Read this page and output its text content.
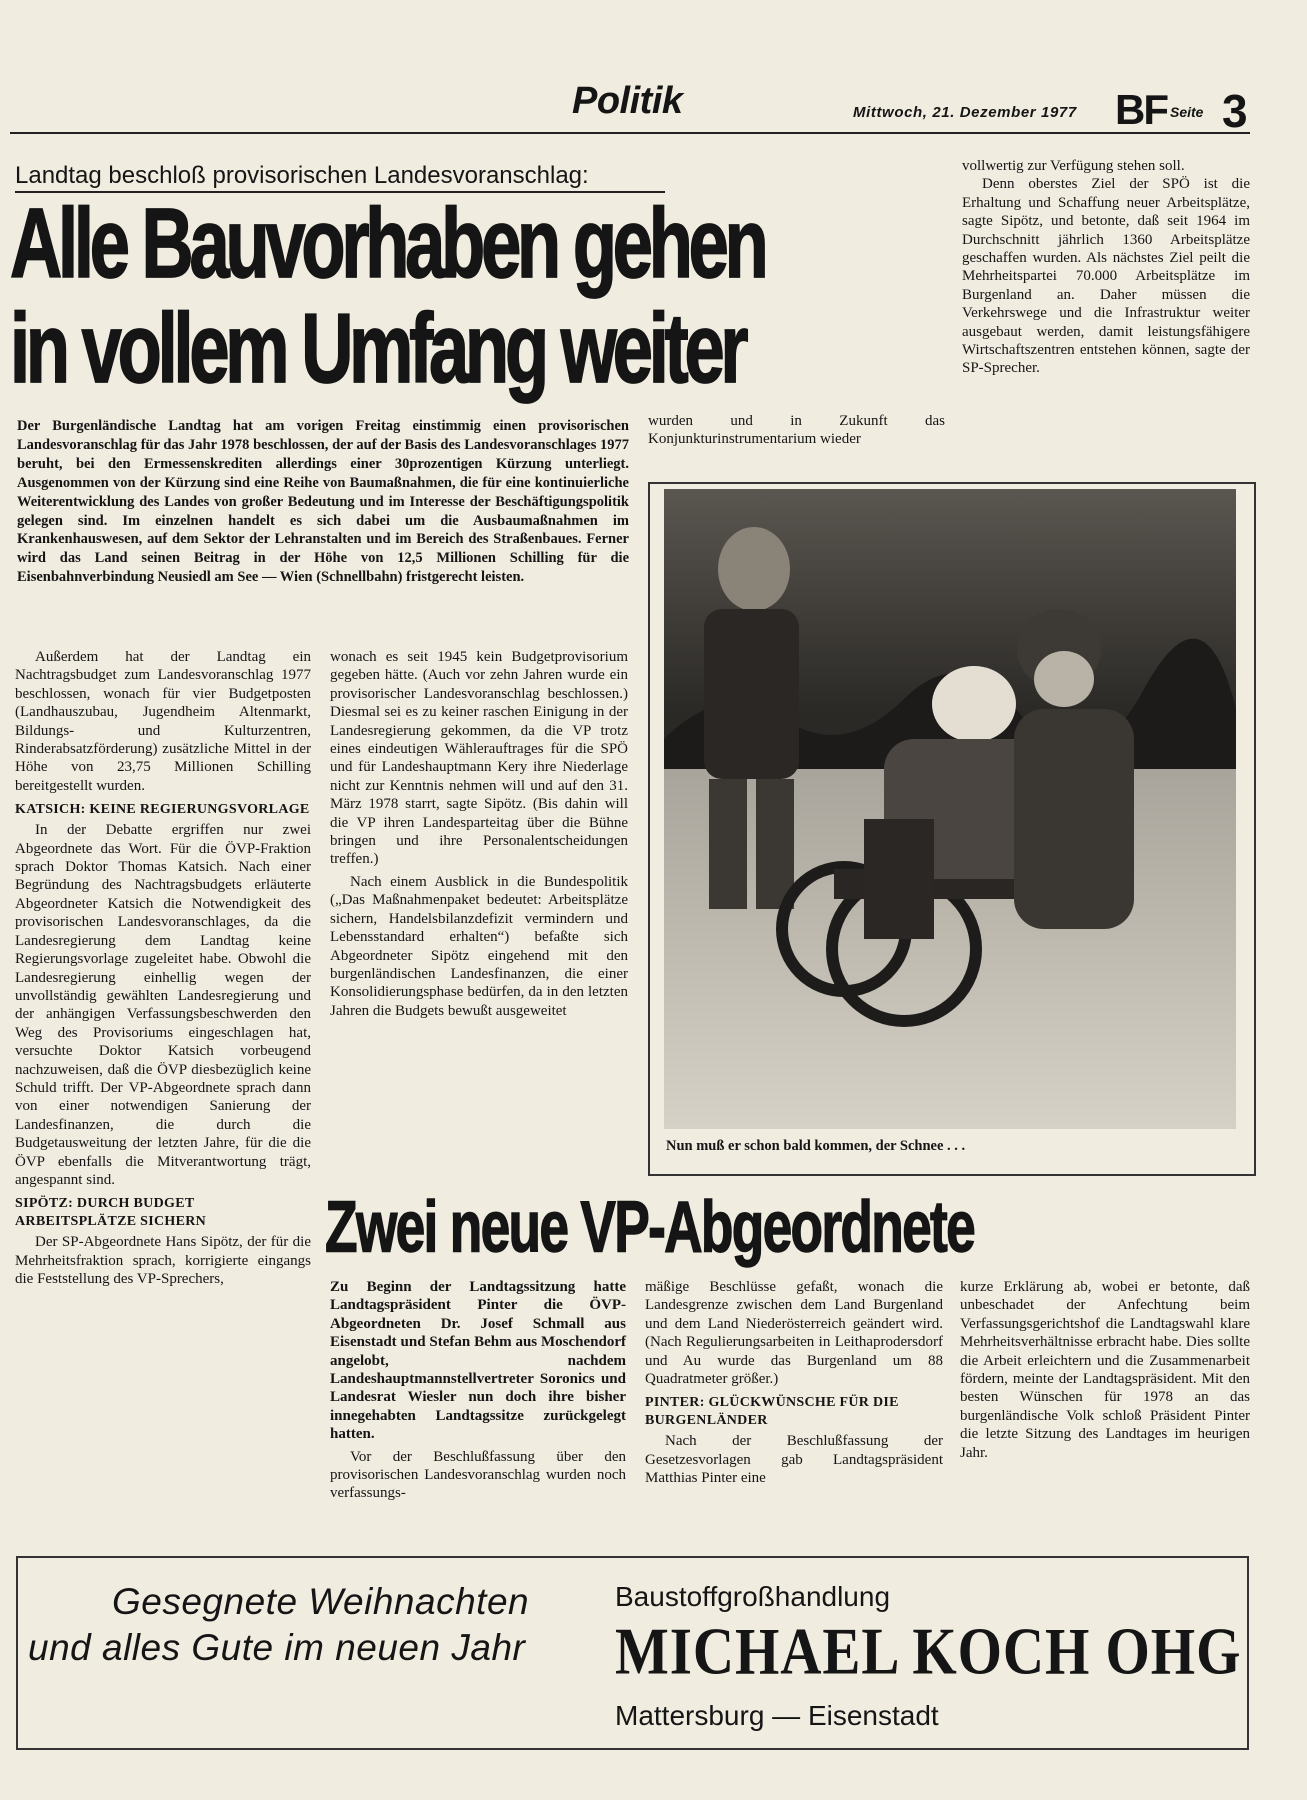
Politik	Mittwoch, 21. Dezember 1977 BF Seite 3
Landtag beschloß provisorischen Landesvoranschlag:
Alle Bauvorhaben gehen
in vollem Umfang weiter

Der Burgenländische Landtag hat am vorigen Freitag einstimmig einen provisorischen Landesvoranschlag für das Jahr 1978 beschlossen, der auf der Basis des Landesvoranschlages 1977 beruht, bei den Ermessenskrediten allerdings einer 30prozentigen Kürzung unterliegt. Ausgenommen von der Kürzung sind eine Reihe von Baumaßnahmen, die für eine kontinuierliche Weiterentwicklung des Landes von großer Bedeutung und im Interesse der Beschäftigungspolitik gelegen sind. Im einzelnen handelt es sich dabei um die Ausbaumaßnahmen im Krankenhauswesen, auf dem Sektor der Lehranstalten und im Bereich des Straßenbaues. Ferner wird das Land seinen Beitrag in der Höhe von 12,5 Millionen Schilling für die Eisenbahnverbindung Neusiedl am See — Wien (Schnellbahn) fristgerecht leisten.

Außerdem hat der Landtag ein Nachtragsbudget zum Landesvoranschlag 1977 beschlossen, wonach für vier Budgetposten (Landhauszubau, Jugendheim Altenmarkt, Bildungs- und Kulturzentren, Rinderabsatzförderung) zusätzliche Mittel in der Höhe von 23,75 Millionen Schilling bereitgestellt wurden.

KATSICH: KEINE REGIERUNGSVORLAGE

In der Debatte ergriffen nur zwei Abgeordnete das Wort. Für die ÖVP-Fraktion sprach Doktor Thomas Katsich. Nach einer Begründung des Nachtragsbudgets erläuterte Abgeordneter Katsich die Notwendigkeit des provisorischen Landesvoranschlages, da die Landesregierung dem Landtag keine Regierungsvorlage zugeleitet habe. Obwohl die Landesregierung einhellig wegen der unvollständig gewählten Landesregierung und der anhängigen Verfassungsbeschwerden den Weg des Provisoriums eingeschlagen hat, versuchte Doktor Katsich vorbeugend nachzuweisen, daß die ÖVP diesbezüglich keine Schuld trifft. Der VP-Abgeordnete sprach dann von einer notwendigen Sanierung der Landesfinanzen, die durch die Budgetausweitung der letzten Jahre, für die die ÖVP ebenfalls die Mitverantwortung trägt, angespannt sind.

SIPÖTZ: DURCH BUDGET ARBEITSPLÄTZE SICHERN

Der SP-Abgeordnete Hans Sipötz, der für die Mehrheitsfraktion sprach, korrigierte eingangs die Feststellung des VP-Sprechers,

wonach es seit 1945 kein Budgetprovisorium gegeben hätte. (Auch vor zehn Jahren wurde ein provisorischer Landesvoranschlag beschlossen.) Diesmal sei es zu keiner raschen Einigung in der Landesregierung gekommen, da die VP trotz eines eindeutigen Wählerauftrages für die SPÖ und für Landeshauptmann Kery ihre Niederlage nicht zur Kenntnis nehmen will und auf den 31. März 1978 starrt, sagte Sipötz. (Bis dahin will die VP ihren Landesparteitag über die Bühne bringen und ihre Personalentscheidungen treffen.)

Nach einem Ausblick in die Bundespolitik („Das Maßnahmenpaket bedeutet: Arbeitsplätze sichern, Handelsbilanzdefizit vermindern und Lebensstandard erhalten“) befaßte sich Abgeordneter Sipötz eingehend mit den burgenländischen Landesfinanzen, die einer Konsolidierungsphase bedürfen, da in den letzten Jahren die Budgets bewußt ausgeweitet

wurden und in Zukunft das Konjunkturinstrumentarium wieder

vollwertig zur Verfügung stehen soll.

Denn oberstes Ziel der SPÖ ist die Erhaltung und Schaffung neuer Arbeitsplätze, sagte Sipötz, und betonte, daß seit 1964 im Durchschnitt jährlich 1360 Arbeitsplätze geschaffen wurden. Als nächstes Ziel peilt die Mehrheitspartei 70.000 Arbeitsplätze im Burgenland an. Daher müssen die Verkehrswege und die Infrastruktur weiter ausgebaut werden, damit leistungsfähigere Wirtschaftszentren entstehen können, sagte der SP-Sprecher.

Nun muß er schon bald kommen, der Schnee . . .
Zwei neue VP-Abgeordnete

Zu Beginn der Landtagssitzung hatte Landtagspräsident Pinter die ÖVP-Abgeordneten Dr. Josef Schmall aus Eisenstadt und Stefan Behm aus Moschendorf angelobt, nachdem Landeshauptmannstellvertreter Soronics und Landesrat Wiesler nun doch ihre bisher innegehabten Landtagssitze zurückgelegt hatten.

Vor der Beschlußfassung über den provisorischen Landesvoranschlag wurden noch verfassungs-

mäßige Beschlüsse gefaßt, wonach die Landesgrenze zwischen dem Land Burgenland und dem Land Niederösterreich geändert wird. (Nach Regulierungsarbeiten in Leithaprodersdorf und Au wurde das Burgenland um 88 Quadratmeter größer.)

PINTER: GLÜCKWÜNSCHE FÜR DIE BURGENLÄNDER

Nach der Beschlußfassung der Gesetzesvorlagen gab Landtagspräsident Matthias Pinter eine

kurze Erklärung ab, wobei er betonte, daß unbeschadet der Anfechtung beim Verfassungsgerichtshof die Landtagswahl klare Mehrheitsverhältnisse erbracht habe. Dies sollte die Arbeit erleichtern und die Zusammenarbeit fördern, meinte der Landtagspräsident. Mit den besten Wünschen für 1978 an das burgenländische Volk schloß Präsident Pinter die letzte Sitzung des Landtages im heurigen Jahr.

Gesegnete Weihnachten
und alles Gute im neuen Jahr
Baustoffgroßhandlung
MICHAEL KOCH OHG
Mattersburg — Eisenstadt
